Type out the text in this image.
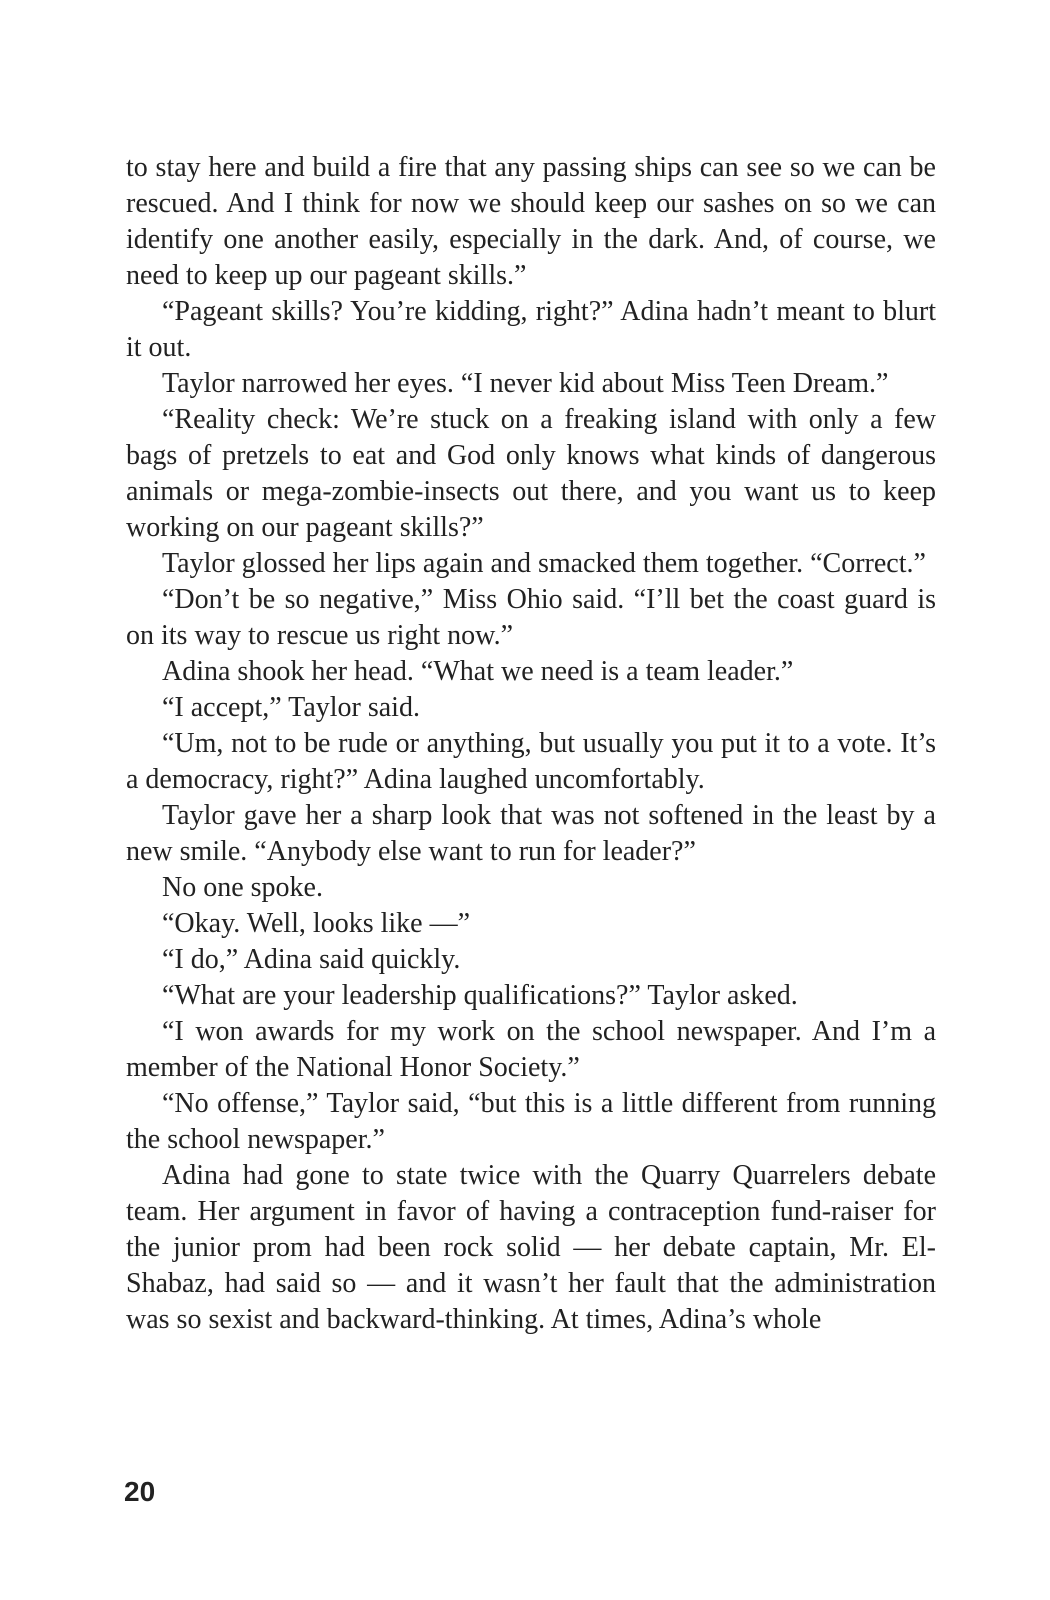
to stay here and build a fire that any passing ships can see so we can be rescued. And I think for now we should keep our sashes on so we can identify one another easily, especially in the dark. And, of course, we need to keep up our pageant skills.”

“Pageant skills? You’re kidding, right?” Adina hadn’t meant to blurt it out.

Taylor narrowed her eyes. “I never kid about Miss Teen Dream.”

“Reality check: We’re stuck on a freaking island with only a few bags of pretzels to eat and God only knows what kinds of dangerous animals or mega-zombie-insects out there, and you want us to keep working on our pageant skills?”

Taylor glossed her lips again and smacked them together. “Correct.”

“Don’t be so negative,” Miss Ohio said. “I’ll bet the coast guard is on its way to rescue us right now.”

Adina shook her head. “What we need is a team leader.”

“I accept,” Taylor said.

“Um, not to be rude or anything, but usually you put it to a vote. It’s a democracy, right?” Adina laughed uncomfortably.

Taylor gave her a sharp look that was not softened in the least by a new smile. “Anybody else want to run for leader?”

No one spoke.

“Okay. Well, looks like —”

“I do,” Adina said quickly.

“What are your leadership qualifications?” Taylor asked.

“I won awards for my work on the school newspaper. And I’m a member of the National Honor Society.”

“No offense,” Taylor said, “but this is a little different from running the school newspaper.”

Adina had gone to state twice with the Quarry Quarrelers debate team. Her argument in favor of having a contraception fund-raiser for the junior prom had been rock solid — her debate captain, Mr. El-Shabaz, had said so — and it wasn’t her fault that the administration was so sexist and backward-thinking. At times, Adina’s whole

20
